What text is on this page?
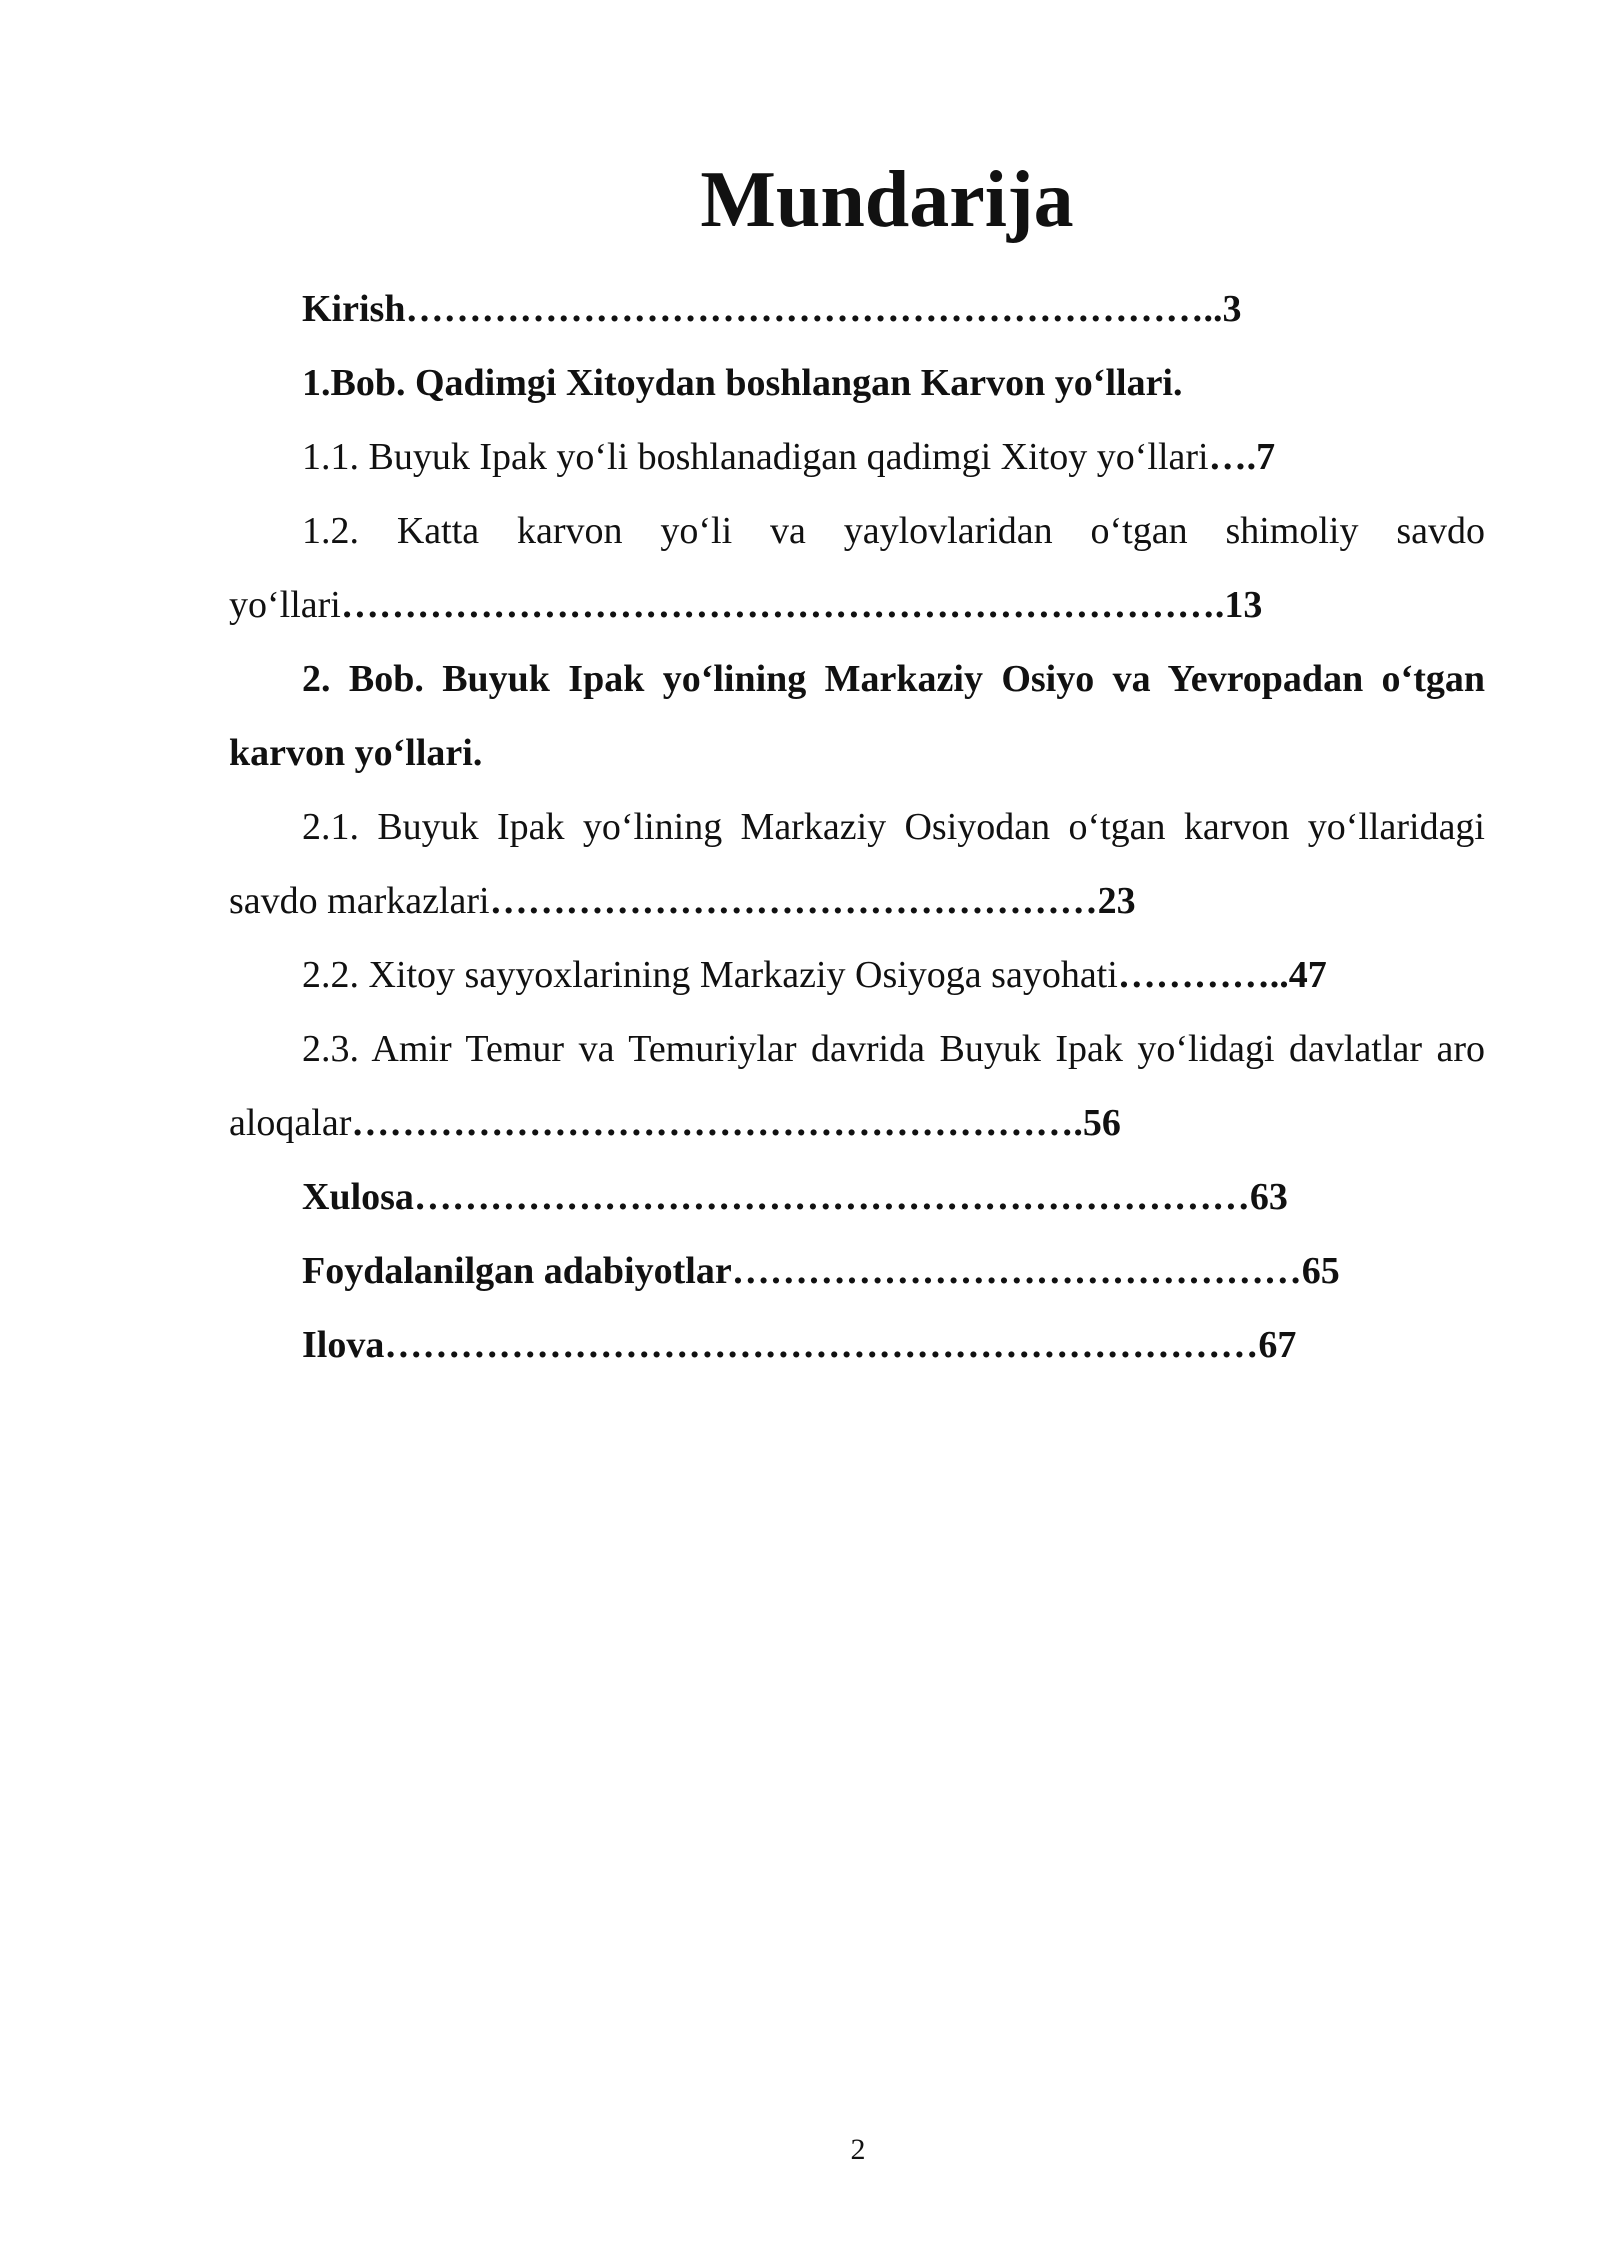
Mundarija

Kirish………………………………………………………..3

1.Bob. Qadimgi Xitoydan boshlangan Karvon yo‘llari.

1.1. Buyuk Ipak yo‘li boshlanadigan qadimgi Xitoy yo‘llari….7

1.2. Katta karvon yo‘li va yaylovlaridan o‘tgan shimoliy savdo yo‘llari…………………………………………………………….13

2. Bob. Buyuk Ipak yo‘lining Markaziy Osiyo va Yevropadan o‘tgan karvon yo‘llari.

2.1. Buyuk Ipak yo‘lining Markaziy Osiyodan o‘tgan karvon yo‘llaridagi savdo markazlari…………………………………………23

2.2. Xitoy sayyoxlarining Markaziy Osiyoga sayohati…………..47

2.3. Amir Temur va Temuriylar davrida Buyuk Ipak yo‘lidagi davlatlar aro aloqalar………………………………………………….56

Xulosa…………………………………………………………63

Foydalanilgan adabiyotlar………………………………………65

Ilova……………………………………………………………67

2
